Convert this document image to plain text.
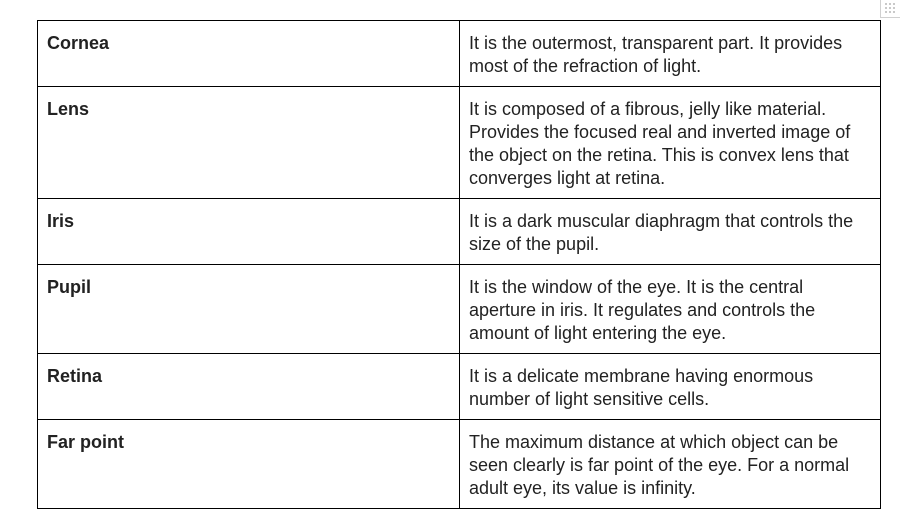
Cornea	It is the outermost, transparent part. It provides most of the refraction of light.
Lens	It is composed of a fibrous, jelly like material. Provides the focused real and inverted image of the object on the retina. This is convex lens that converges light at retina.
Iris	It is a dark muscular diaphragm that controls the size of the pupil.
Pupil	It is the window of the eye. It is the central aperture in iris. It regulates and controls the amount of light entering the eye.
Retina	It is a delicate membrane having enormous number of light sensitive cells.
Far point	The maximum distance at which object can be seen clearly is far point of the eye. For a normal adult eye, its value is infinity.
